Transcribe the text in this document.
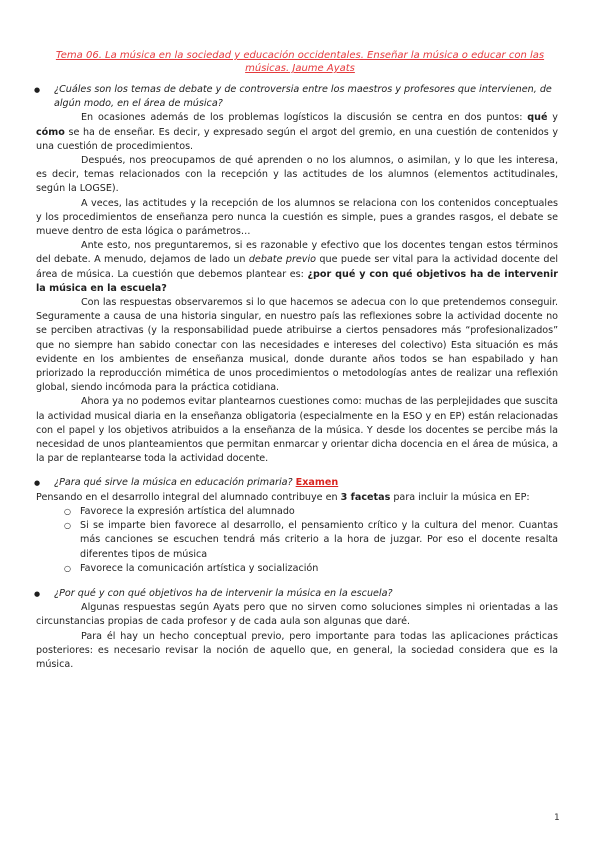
Tema 06. La música en la sociedad y educación occidentales. Enseñar la música o educar con las músicas. Jaume Ayats
●	¿Cuáles son los temas de debate y de controversia entre los maestros y profesores que intervienen, de algún modo, en el área de música?

En ocasiones además de los problemas logísticos la discusión se centra en dos puntos: qué y cómo se ha de enseñar. Es decir, y expresado según el argot del gremio, en una cuestión de contenidos y una cuestión de procedimientos.

Después, nos preocupamos de qué aprenden o no los alumnos, o asimilan, y lo que les interesa, es decir, temas relacionados con la recepción y las actitudes de los alumnos (elementos actitudinales, según la LOGSE).

A veces, las actitudes y la recepción de los alumnos se relaciona con los contenidos conceptuales y los procedimientos de enseñanza pero nunca la cuestión es simple, pues a grandes rasgos, el debate se mueve dentro de esta lógica o parámetros…

Ante esto, nos preguntaremos, si es razonable y efectivo que los docentes tengan estos términos del debate. A menudo, dejamos de lado un debate previo que puede ser vital para la actividad docente del área de música. La cuestión que debemos plantear es: ¿por qué y con qué objetivos ha de intervenir la música en la escuela?

Con las respuestas observaremos si lo que hacemos se adecua con lo que pretendemos conseguir. Seguramente a causa de una historia singular, en nuestro país las reflexiones sobre la actividad docente no se perciben atractivas (y la responsabilidad puede atribuirse a ciertos pensadores más “profesionalizados” que no siempre han sabido conectar con las necesidades e intereses del colectivo) Esta situación es más evidente en los ambientes de enseñanza musical, donde durante años todos se han espabilado y han priorizado la reproducción mimética de unos procedimientos o metodologías antes de realizar una reflexión global, siendo incómoda para la práctica cotidiana.

Ahora ya no podemos evitar plantearnos cuestiones como: muchas de las perplejidades que suscita la actividad musical diaria en la enseñanza obligatoria (especialmente en la ESO y en EP) están relacionadas con el papel y los objetivos atribuidos a la enseñanza de la música. Y desde los docentes se percibe más la necesidad de unos planteamientos que permitan enmarcar y orientar dicha docencia en el área de música, a la par de replantearse toda la actividad docente.

●	¿Para qué sirve la música en educación primaria? Examen

Pensando en el desarrollo integral del alumnado contribuye en 3 facetas para incluir la música en EP:

○ Favorece la expresión artística del alumnado
○ Si se imparte bien favorece al desarrollo, el pensamiento crítico y la cultura del menor. Cuantas más canciones se escuchen tendrá más criterio a la hora de juzgar. Por eso el docente resalta diferentes tipos de música
○ Favorece la comunicación artística y socialización
●	¿Por qué y con qué objetivos ha de intervenir la música en la escuela?

Algunas respuestas según Ayats pero que no sirven como soluciones simples ni orientadas a las circunstancias propias de cada profesor y de cada aula son algunas que daré.

Para él hay un hecho conceptual previo, pero importante para todas las aplicaciones prácticas posteriores: es necesario revisar la noción de aquello que, en general, la sociedad considera que es la música.

1
